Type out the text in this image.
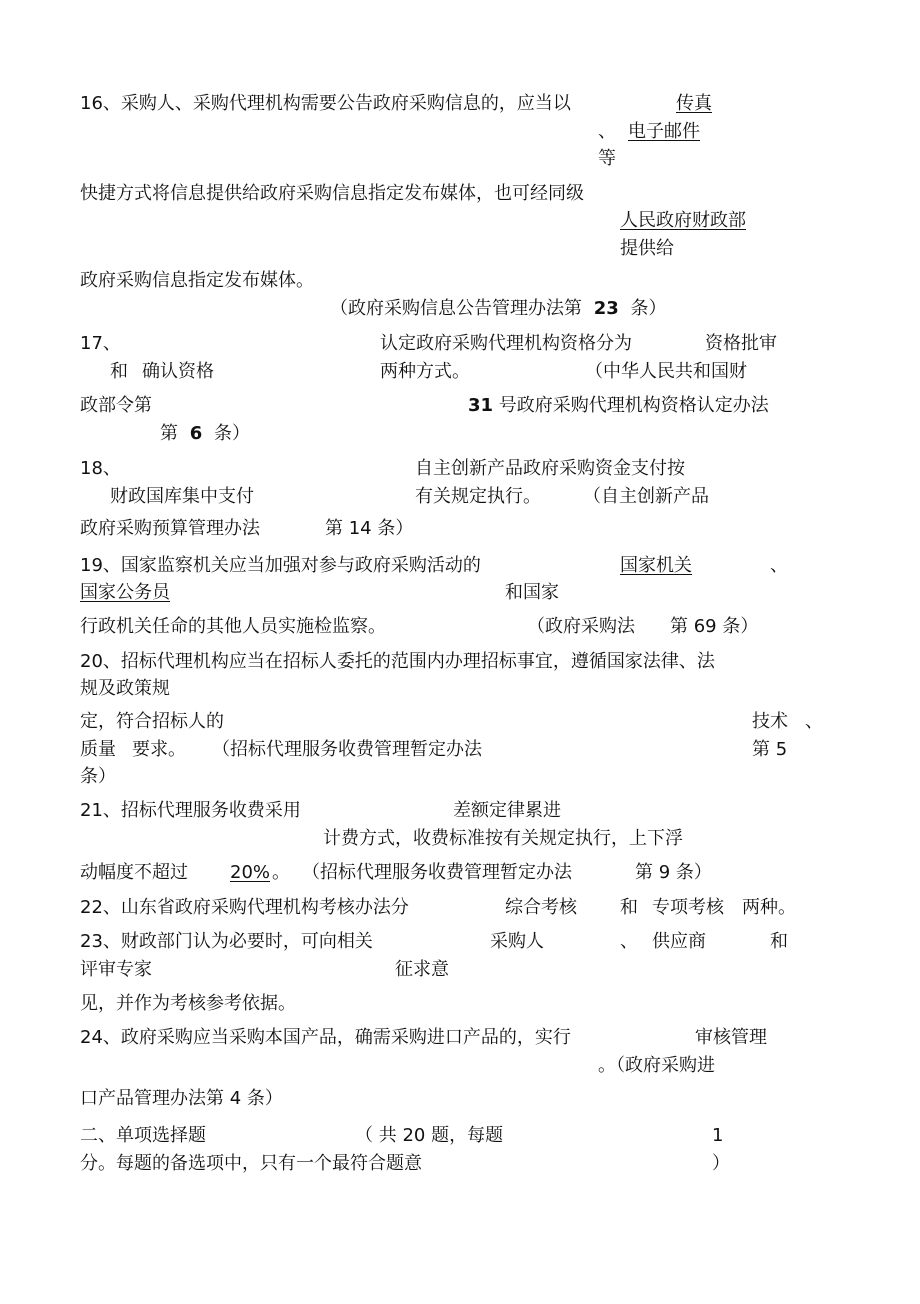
16、采购人、采购代理机构需要公告政府采购信息的，应当以	传真
、 电子邮件
等
快捷方式将信息提供给政府采购信息指定发布媒体，也可经同级
人民政府财政部
提供给
政府采购信息指定发布媒体。
（政府采购信息公告管理办法第 23 条）
17、	认定政府采购代理机构资格分为	资格批审
和 确认资格	两种方式。	（中华人民共和国财
政部令第	31 号政府采购代理机构资格认定办法
第 6 条）
18、	自主创新产品政府采购资金支付按
财政国库集中支付	有关规定执行。 （自主创新产品
政府采购预算管理办法	第 14 条）
19、国家监察机关应当加强对参与政府采购活动的	国家机关	、
国家公务员	和国家
行政机关任命的其他人员实施检监察。	（政府采购法 第 69 条）
20、招标代理机构应当在招标人委托的范围内办理招标事宜，遵循国家法律、法
规及政策规
定，符合招标人的	技术 、
质量 要求。 （招标代理服务收费管理暂定办法	第 5
条）
21、招标代理服务收费采用	差额定律累进
计费方式，收费标准按有关规定执行，上下浮
动幅度不超过 20% 。 （招标代理服务收费管理暂定办法	第 9 条）
22、山东省政府采购代理机构考核办法分	综合考核 和 专项考核 两种。
23、财政部门认为必要时，可向相关	采购人	、 供应商	和
评审专家	征求意
见，并作为考核参考依据。
24、政府采购应当采购本国产品，确需采购进口产品的，实行	审核管理
。（政府采购进
口产品管理办法第 4 条）
二、单项选择题	（ 共 20 题，每题	1
分。每题的备选项中，只有一个最符合题意	）
